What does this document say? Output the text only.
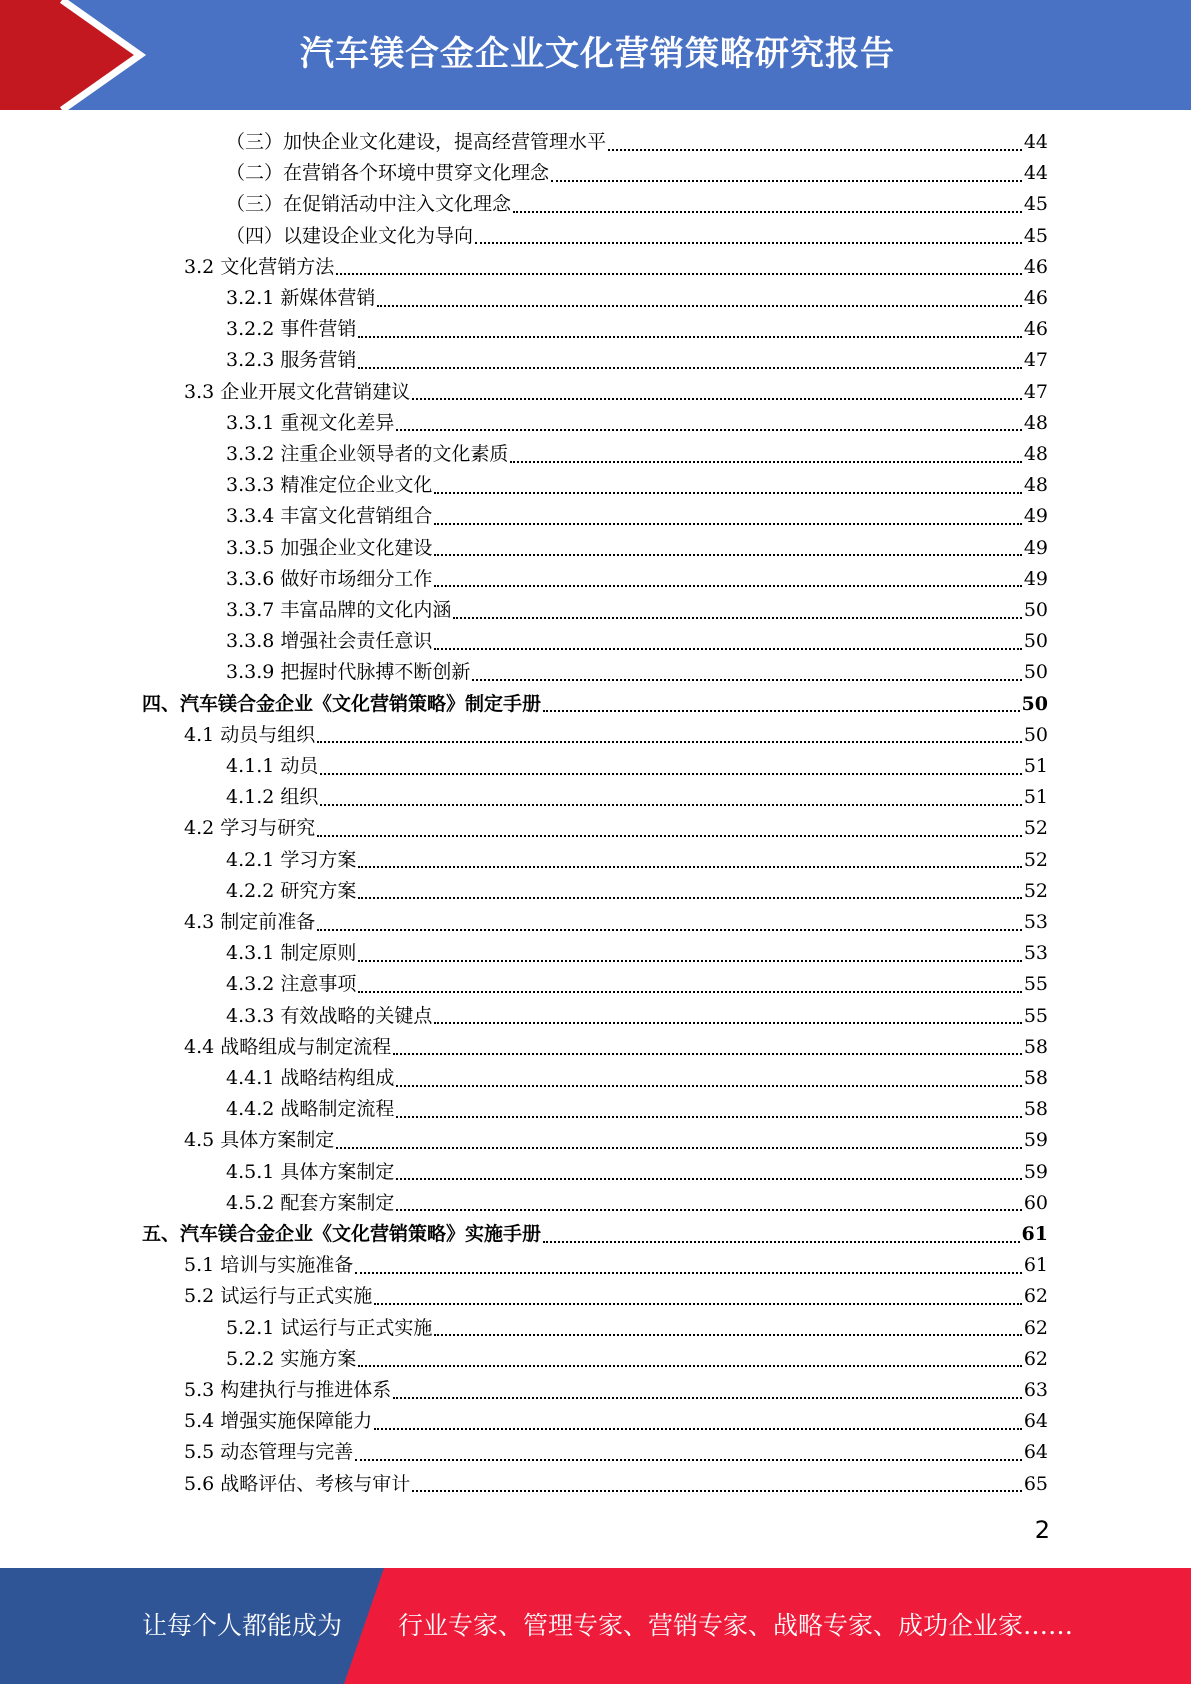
汽车镁合金企业文化营销策略研究报告
（三）加快企业文化建设，提高经营管理水平	44
（二）在营销各个环境中贯穿文化理念	44
（三）在促销活动中注入文化理念	45
（四）以建设企业文化为导向	45
3.2 文化营销方法	46
3.2.1 新媒体营销	46
3.2.2 事件营销	46
3.2.3 服务营销	47
3.3 企业开展文化营销建议	47
3.3.1 重视文化差异	48
3.3.2 注重企业领导者的文化素质	48
3.3.3 精准定位企业文化	48
3.3.4 丰富文化营销组合	49
3.3.5 加强企业文化建设	49
3.3.6 做好市场细分工作	49
3.3.7 丰富品牌的文化内涵	50
3.3.8 增强社会责任意识	50
3.3.9 把握时代脉搏不断创新	50
四、汽车镁合金企业《文化营销策略》制定手册	50
4.1 动员与组织	50
4.1.1 动员	51
4.1.2 组织	51
4.2 学习与研究	52
4.2.1 学习方案	52
4.2.2 研究方案	52
4.3 制定前准备	53
4.3.1 制定原则	53
4.3.2 注意事项	55
4.3.3 有效战略的关键点	55
4.4 战略组成与制定流程	58
4.4.1 战略结构组成	58
4.4.2 战略制定流程	58
4.5 具体方案制定	59
4.5.1 具体方案制定	59
4.5.2 配套方案制定	60
五、汽车镁合金企业《文化营销策略》实施手册	61
5.1 培训与实施准备	61
5.2 试运行与正式实施	62
5.2.1 试运行与正式实施	62
5.2.2 实施方案	62
5.3 构建执行与推进体系	63
5.4 增强实施保障能力	64
5.5 动态管理与完善	64
5.6 战略评估、考核与审计	65
2
让每个人都能成为 行业专家、管理专家、营销专家、战略专家、成功企业家……
